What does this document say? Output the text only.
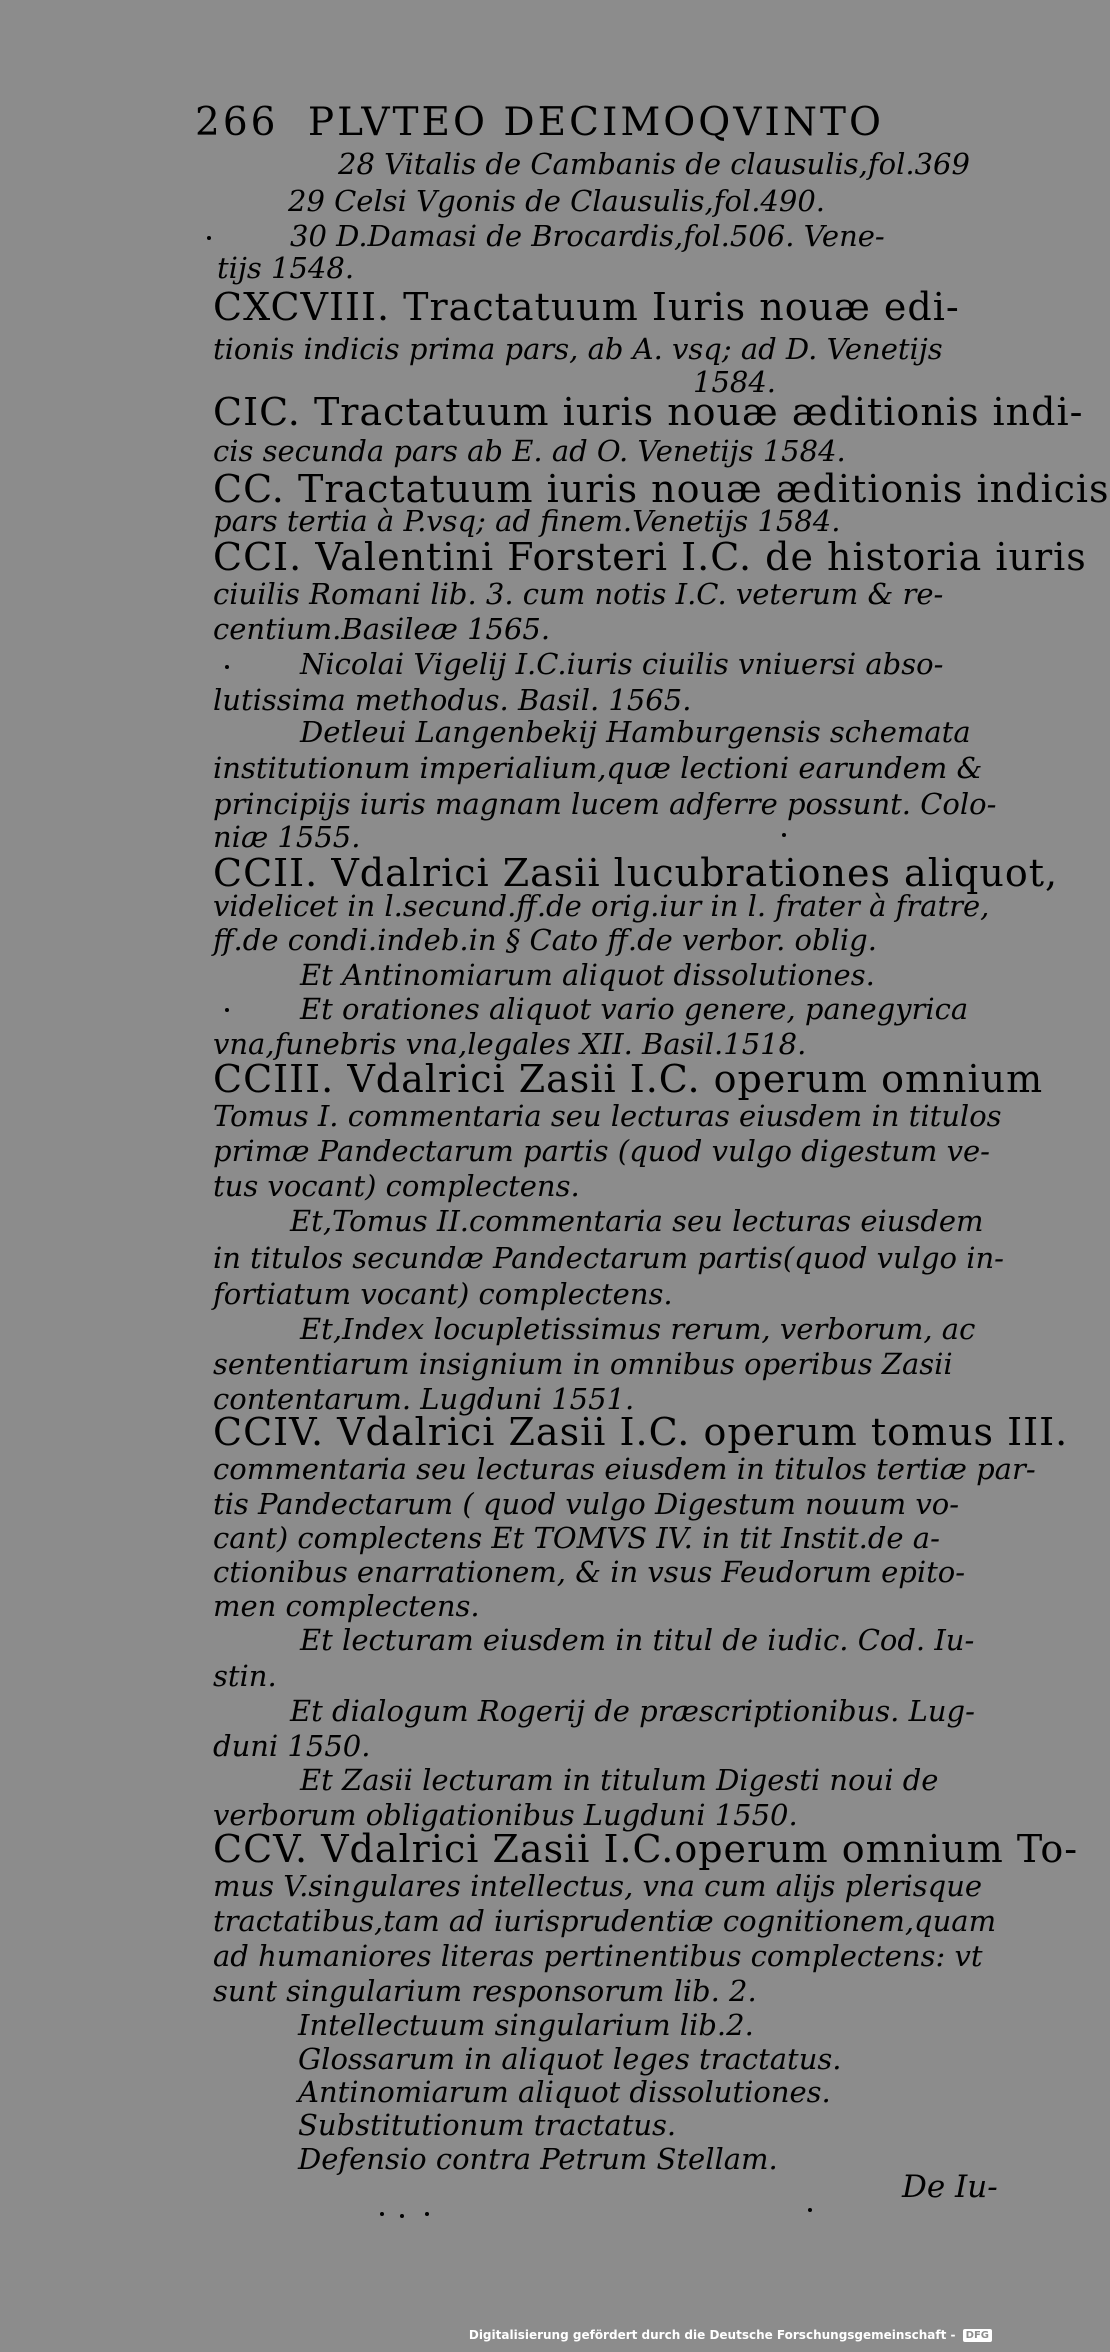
266 PLVTEO DECIMOQVINTO
28 Vitalis de Cambanis de clausulis,fol.369
29 Celsi Vgonis de Clausulis,fol.490.
30 D.Damasi de Brocardis,fol.506. Vene-
tijs 1548.
CXCVIII. Tractatuum Iuris nouæ edi-
tionis indicis prima pars, ab A. vsq; ad D. Venetijs
1584.
CIC. Tractatuum iuris nouæ æditionis indi-
cis secunda pars ab E. ad O. Venetijs 1584.
CC. Tractatuum iuris nouæ æditionis indicis
pars tertia à P.vsq; ad finem.Venetijs 1584.
CCI. Valentini Forsteri I.C. de historia iuris
ciuilis Romani lib. 3. cum notis I.C. veterum & re-
centium.Basileæ 1565.
Nicolai Vigelij I.C.iuris ciuilis vniuersi abso-
lutissima methodus. Basil. 1565.
Detleui Langenbekij Hamburgensis schemata
institutionum imperialium,quæ lectioni earundem &
principijs iuris magnam lucem adferre possunt. Colo-
niæ 1555.
CCII. Vdalrici Zasii lucubrationes aliquot,
videlicet in l.secund.ff.de orig.iur in l. frater à fratre,
ff.de condi.indeb.in § Cato ff.de verbor. oblig.
Et Antinomiarum aliquot dissolutiones.
Et orationes aliquot vario genere, panegyrica
vna,funebris vna,legales XII. Basil.1518.
CCIII. Vdalrici Zasii I.C. operum omnium
Tomus I. commentaria seu lecturas eiusdem in titulos
primæ Pandectarum partis (quod vulgo digestum ve-
tus vocant) complectens.
Et,Tomus II.commentaria seu lecturas eiusdem
in titulos secundæ Pandectarum partis(quod vulgo in-
fortiatum vocant) complectens.
Et,Index locupletissimus rerum, verborum, ac
sententiarum insignium in omnibus operibus Zasii
contentarum. Lugduni 1551.
CCIV. Vdalrici Zasii I.C. operum tomus III.
commentaria seu lecturas eiusdem in titulos tertiæ par-
tis Pandectarum ( quod vulgo Digestum nouum vo-
cant) complectens Et TOMVS IV. in tit Instit.de a-
ctionibus enarrationem, & in vsus Feudorum epito-
men complectens.
Et lecturam eiusdem in titul de iudic. Cod. Iu-
stin.
Et dialogum Rogerij de præscriptionibus. Lug-
duni 1550.
Et Zasii lecturam in titulum Digesti noui de
verborum obligationibus Lugduni 1550.
CCV. Vdalrici Zasii I.C.operum omnium To-
mus V.singulares intellectus, vna cum alijs plerisque
tractatibus,tam ad iurisprudentiæ cognitionem,quam
ad humaniores literas pertinentibus complectens: vt
sunt singularium responsorum lib. 2.
Intellectuum singularium lib.2.
Glossarum in aliquot leges tractatus.
Antinomiarum aliquot dissolutiones.
Substitutionum tractatus.
Defensio contra Petrum Stellam.
De Iu-
Digitalisierung gefördert durch die Deutsche Forschungsgemeinschaft - DFG
